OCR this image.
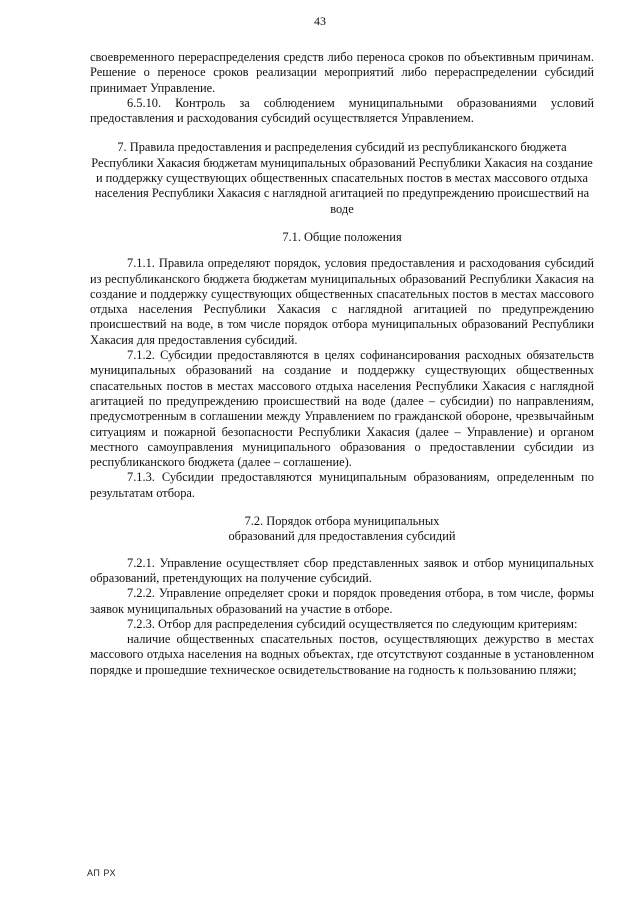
43

своевременного перераспределения средств либо переноса сроков по объективным причинам. Решение о переносе сроков реализации мероприятий либо перераспределении субсидий принимает Управление.

6.5.10. Контроль за соблюдением муниципальными образованиями условий предоставления и расходования субсидий осуществляется Управлением.

7. Правила предоставления и распределения субсидий из республиканского бюджета Республики Хакасия бюджетам муниципальных образований Республики Хакасия на создание и поддержку существующих общественных спасательных постов в местах массового отдыха населения Республики Хакасия с наглядной агитацией по предупреждению происшествий на воде

7.1. Общие положения

7.1.1. Правила определяют порядок, условия предоставления и расходования субсидий из республиканского бюджета бюджетам муниципальных образований Республики Хакасия на создание и поддержку существующих общественных спасательных постов в местах массового отдыха населения Республики Хакасия с наглядной агитацией по предупреждению происшествий на воде, в том числе порядок отбора муниципальных образований Республики Хакасия для предоставления субсидий.

7.1.2. Субсидии предоставляются в целях софинансирования расходных обязательств муниципальных образований на создание и поддержку существующих общественных спасательных постов в местах массового отдыха населения Республики Хакасия с наглядной агитацией по предупреждению происшествий на воде (далее – субсидии) по направлениям, предусмотренным в соглашении между Управлением по гражданской обороне, чрезвычайным ситуациям и пожарной безопасности Республики Хакасия (далее – Управление) и органом местного самоуправления муниципального образования о предоставлении субсидии из республиканского бюджета (далее – соглашение).

7.1.3. Субсидии предоставляются муниципальным образованиям, определенным по результатам отбора.

7.2. Порядок отбора муниципальных
образований для предоставления субсидий

7.2.1. Управление осуществляет сбор представленных заявок и отбор муниципальных образований, претендующих на получение субсидий.

7.2.2. Управление определяет сроки и порядок проведения отбора, в том числе, формы заявок муниципальных образований на участие в отборе.

7.2.3. Отбор для распределения субсидий осуществляется по следующим критериям:

наличие общественных спасательных постов, осуществляющих дежурство в местах массового отдыха населения на водных объектах, где отсутствуют созданные в установленном порядке и прошедшие техническое освидетельствование на годность к пользованию пляжи;

АП РХ
